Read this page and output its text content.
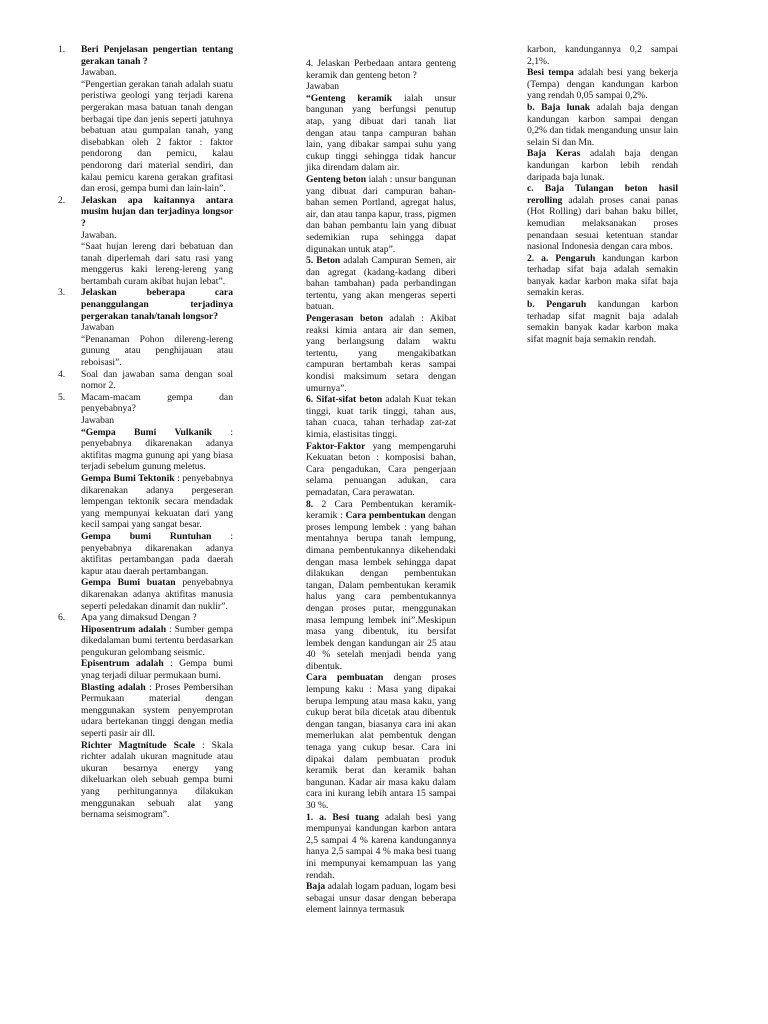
1.	Beri Penjelasan pengertian tentang gerakan tanah ?

Jawaban.

“Pengertian gerakan tanah adalah suatu peristiwa geologi yang terjadi karena pergerakan masa batuan tanah dengan berbagai tipe dan jenis seperti jatuhnya bebatuan atau gumpalan tanah, yang disebabkan oleh 2 faktor : faktor pendorong dan pemicu, kalau pendorong dari material sendiri, dan kalau pemicu karena gerakan grafitasi dan erosi, gempa bumi dan lain-lain”.

2.	Jelaskan apa kaitannya antara musim hujan dan terjadinya longsor ?

Jawaban.

“Saat hujan lereng dari bebatuan dan tanah diperlemah dari satu rasi yang menggerus kaki lereng-lereng yang bertambah curam akibat hujan lebat”.

3.	Jelaskan beberapa cara penanggulangan terjadinya pergerakan tanah/tanah longsor?

Jawaban

“Penanaman Pohon dilereng-lereng gunung atau penghijauan atau reboisasi”.

4.	Soal dan jawaban sama dengan soal nomor 2.

5.	Macam-macam gempa dan penyebabnya?

Jawaban

“Gempa Bumi Vulkanik : penyebabnya dikarenakan adanya aktifitas magma gunung api yang biasa terjadi sebelum gunung meletus.

Gempa Bumi Tektonik : penyebabnya dikarenakan adanya pergeseran lempengan tektonik secara mendadak yang mempunyai kekuatan dari yang kecil sampai yang sangat besar.

Gempa bumi Runtuhan : penyebabnya dikarenakan adanya aktifitas pertambangan pada daerah kapur atau daerah pertambangan.

Gempa Bumi buatan penyebabnya dikarenakan adanya aktifitas manusia seperti peledakan dinamit dan nuklir”.

6.	Apa yang dimaksud Dengan ?

Hiposentrum adalah : Sumber gempa dikedalaman bumi tertentu berdasarkan pengukuran gelombang seismic.

Episentrum adalah : Gempa bumi ynag terjadi diluar permukaan bumi.

Blasting adalah : Proses Pembersihan Permukaan material dengan menggunakan system penyemprotan udara bertekanan tinggi dengan media seperti pasir air dll.

Richter Magtnitude Scale : Skala richter adalah ukuran magnitude atau ukuran besarnya energy yang dikeluarkan oleh sebuah gempa bumi yang perhitungannya dilakukan menggunakan sebuah alat yang bernama seismogram”.

4. Jelaskan Perbedaan antara genteng keramik dan genteng beton ?

Jawaban

“Genteng keramik ialah unsur bangunan yang berfungsi penutup atap, yang dibuat dari tanah liat dengan atau tanpa campuran bahan lain, yang dibakar sampai suhu yang cukup tinggi sehingga tidak hancur jika direndam dalam air.

Genteng beton ialah : unsur bangunan yang dibuat dari campuran bahan-bahan semen Portland, agregat halus, air, dan atau tanpa kapur, trass, pigmen dan bahan pembantu lain yang dibuat sedemikian rupa sehingga dapat digunakan untuk atap”.

5. Beton adalah Campuran Semen, air dan agregat (kadang-kadang diberi bahan tambahan) pada perbandingan tertentu, yang akan mengeras seperti batuan.

Pengerasan beton adalah : Akibat reaksi kimia antara air dan semen, yang berlangsung dalam waktu tertentu, yang mengakibatkan campuran bertambah keras sampai kondisi maksimum setara dengan umurnya”.

6. Sifat-sifat beton adalah Kuat tekan tinggi, kuat tarik tinggi, tahan aus, tahan cuaca, tahan terhadap zat-zat kimia, elastisitas tinggi.

Faktor-Faktor yang mempengaruhi Kekuatan beton : komposisi bahan, Cara pengadukan, Cara pengerjaan selama penuangan adukan, cara pemadatan, Cara perawatan.

8. 2 Cara Pembentukan keramik-keramik : Cara pembentukan dengan proses lempung lembek : yang bahan mentahnya berupa tanah lempung, dimana pembentukannya dikehendaki dengan masa lembek sehingga dapat dilakukan dengan pembentukan tangan, Dalam pembentukan keramik halus yang cara pembentukannya dengan proses putar, menggunakan masa lempung lembek ini”.Meskipun masa yang dibentuk, itu bersifat lembek dengan kandungan air 25 atau 40 % setelah menjadi benda yang dibentuk.

Cara pembuatan dengan proses lempung kaku : Masa yang dipakai berupa lempung atau masa kaku, yang cukup berat bila dicetak atau dibentuk dengan tangan, biasanya cara ini akan memerlukan alat pembentuk dengan tenaga yang cukup besar. Cara ini dipakai dalam pembuatan produk keramik berat dan keramik bahan bangunan. Kadar air masa kaku dalam cara ini kurang lebih antara 15 sampai 30 %.

1. a. Besi tuang adalah besi yang mempunyai kandungan karbon antara 2,5 sampai 4 % karena kandungannya hanya 2,5 sampai 4 % maka besi tuang ini mempunyai kemampuan las yang rendah.

Baja adalah logam paduan, logam besi sebagai unsur dasar dengan beberapa element lainnya termasuk

karbon, kandungannya 0,2 sampai 2,1%.

Besi tempa adalah besi yang bekerja (Tempa) dengan kandungan karbon yang rendah 0,05 sampai 0,2%.

b. Baja lunak adalah baja dengan kandungan karbon sampai dengan 0,2% dan tidak mengandung unsur lain selain Si dan Mn.

Baja Keras adalah baja dengan kandungan karbon lebih rendah daripada baja lunak.

c. Baja Tulangan beton hasil rerolling adalah proses canai panas (Hot Rolling) dari bahan baku billet, kemudian melaksanakan proses penandaan sesuai ketentuan standar nasional Indonesia dengan cara mbos.

2. a. Pengaruh kandungan karbon terhadap sifat baja adalah semakin banyak kadar karbon maka sifat baja semakin keras.

b. Pengaruh kandungan karbon terhadap sifat magnit baja adalah semakin banyak kadar karbon maka sifat magnit baja semakin rendah.
